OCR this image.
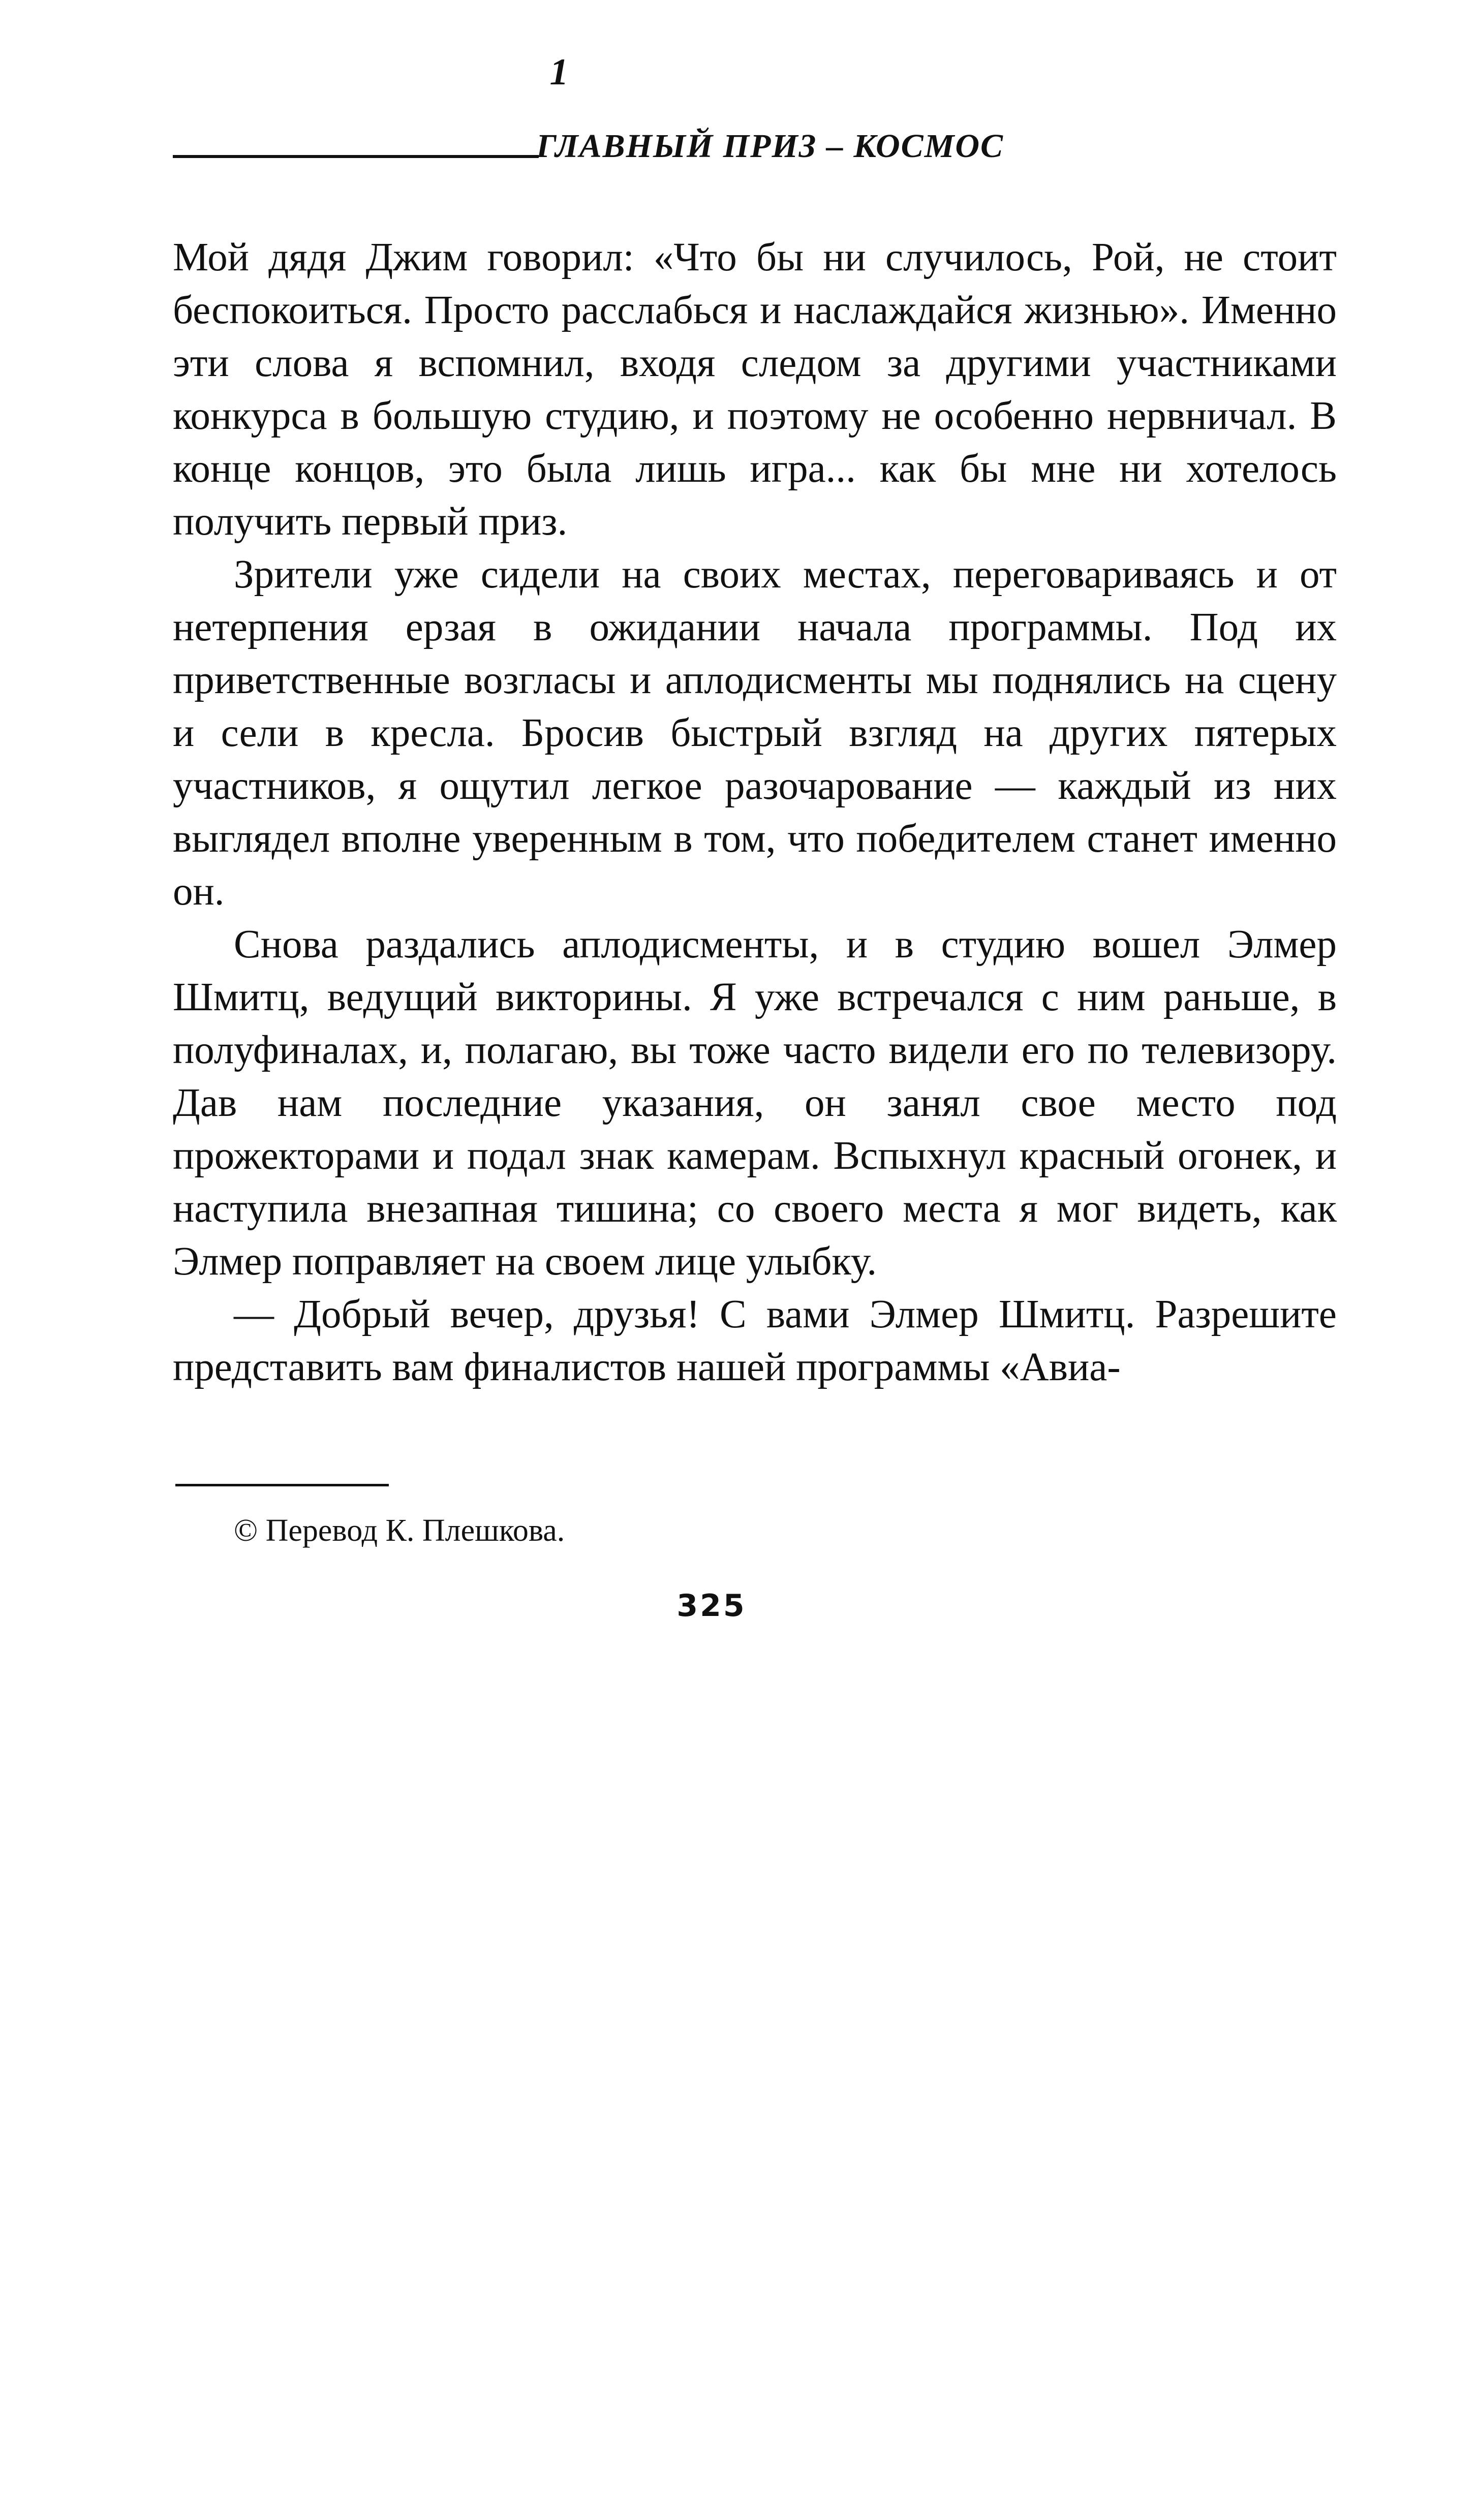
1
ГЛАВНЫЙ ПРИЗ – КОСМОС

Мой дядя Джим говорил: «Что бы ни случилось, Рой, не стоит беспокоиться. Просто расслабься и наслаждайся жизнью». Именно эти слова я вспомнил, входя следом за другими участниками конкурса в большую студию, и поэтому не особенно нервничал. В конце концов, это была лишь игра... как бы мне ни хотелось получить первый приз.

Зрители уже сидели на своих местах, переговариваясь и от нетерпения ерзая в ожидании начала программы. Под их приветственные возгласы и аплодисменты мы поднялись на сцену и сели в кресла. Бросив быстрый взгляд на других пятерых участников, я ощутил легкое разочарование — каждый из них выглядел вполне уверенным в том, что победителем станет именно он.

Снова раздались аплодисменты, и в студию вошел Элмер Шмитц, ведущий викторины. Я уже встречался с ним раньше, в полуфиналах, и, полагаю, вы тоже часто видели его по телевизору. Дав нам последние указания, он занял свое место под прожекторами и подал знак камерам. Вспыхнул красный огонек, и наступила внезапная тишина; со своего места я мог видеть, как Элмер поправляет на своем лице улыбку.

— Добрый вечер, друзья! С вами Элмер Шмитц. Разрешите представить вам финалистов нашей программы «Авиа-

© Перевод К. Плешкова.
325
